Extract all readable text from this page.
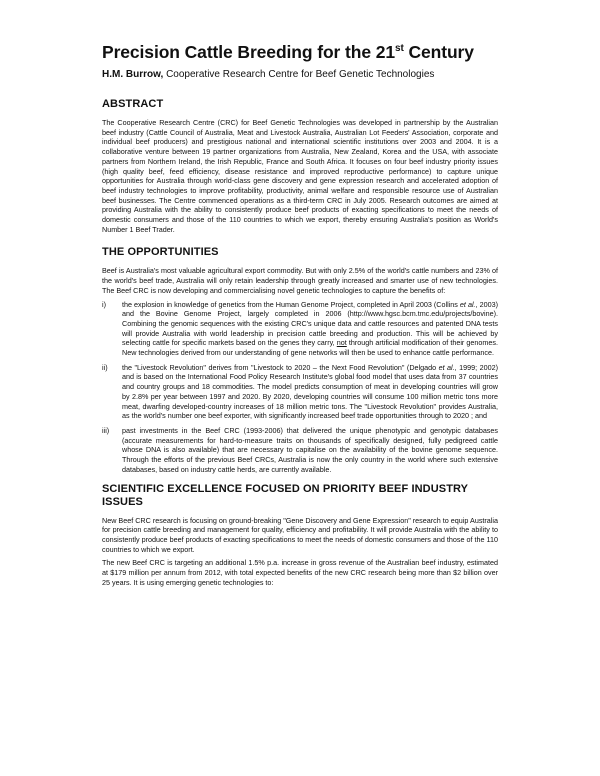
Precision Cattle Breeding for the 21st Century
H.M. Burrow, Cooperative Research Centre for Beef Genetic Technologies
ABSTRACT

The Cooperative Research Centre (CRC) for Beef Genetic Technologies was developed in partnership by the Australian beef industry (Cattle Council of Australia, Meat and Livestock Australia, Australian Lot Feeders' Association, corporate and individual beef producers) and prestigious national and international scientific institutions over 2003 and 2004. It is a collaborative venture between 19 partner organizations from Australia, New Zealand, Korea and the USA, with associate partners from Northern Ireland, the Irish Republic, France and South Africa. It focuses on four beef industry priority issues (high quality beef, feed efficiency, disease resistance and improved reproductive performance) to capture unique opportunities for Australia through world-class gene discovery and gene expression research and accelerated adoption of beef industry technologies to improve profitability, productivity, animal welfare and responsible resource use of Australian beef businesses. The Centre commenced operations as a third-term CRC in July 2005. Research outcomes are aimed at providing Australia with the ability to consistently produce beef products of exacting specifications to meet the needs of domestic consumers and those of the 110 countries to which we export, thereby ensuring Australia's position as World's Number 1 Beef Trader.

THE OPPORTUNITIES

Beef is Australia's most valuable agricultural export commodity. But with only 2.5% of the world's cattle numbers and 23% of the world's beef trade, Australia will only retain leadership through greatly increased and smarter use of new technologies. The Beef CRC is now developing and commercialising novel genetic technologies to capture the benefits of:

i)	the explosion in knowledge of genetics from the Human Genome Project, completed in April 2003 (Collins et al., 2003) and the Bovine Genome Project, largely completed in 2006 (http://www.hgsc.bcm.tmc.edu/projects/bovine). Combining the genomic sequences with the existing CRC's unique data and cattle resources and patented DNA tests will provide Australia with world leadership in precision cattle breeding and production. This will be achieved by selecting cattle for specific markets based on the genes they carry, not through artificial modification of their genomes. New technologies derived from our understanding of gene networks will then be used to enhance cattle performance.
ii)	the "Livestock Revolution" derives from "Livestock to 2020 – the Next Food Revolution" (Delgado et al., 1999; 2002) and is based on the International Food Policy Research Institute's global food model that uses data from 37 countries and country groups and 18 commodities. The model predicts consumption of meat in developing countries will grow by 2.8% per year between 1997 and 2020. By 2020, developing countries will consume 100 million metric tons more meat, dwarfing developed-country increases of 18 million metric tons. The "Livestock Revolution" provides Australia, as the world's number one beef exporter, with significantly increased beef trade opportunities through to 2020 ; and
iii)	past investments in the Beef CRC (1993-2006) that delivered the unique phenotypic and genotypic databases (accurate measurements for hard-to-measure traits on thousands of specifically designed, fully pedigreed cattle whose DNA is also available) that are necessary to capitalise on the availability of the bovine genome sequence. Through the efforts of the previous Beef CRCs, Australia is now the only country in the world where such extensive databases, based on industry cattle herds, are currently available.
SCIENTIFIC EXCELLENCE FOCUSED ON PRIORITY BEEF INDUSTRY ISSUES

New Beef CRC research is focusing on ground-breaking "Gene Discovery and Gene Expression" research to equip Australia for precision cattle breeding and management for quality, efficiency and profitability. It will provide Australia with the ability to consistently produce beef products of exacting specifications to meet the needs of domestic consumers and those of the 110 countries to which we export.

The new Beef CRC is targeting an additional 1.5% p.a. increase in gross revenue of the Australian beef industry, estimated at $179 million per annum from 2012, with total expected benefits of the new CRC research being more than $2 billion over 25 years. It is using emerging genetic technologies to:
